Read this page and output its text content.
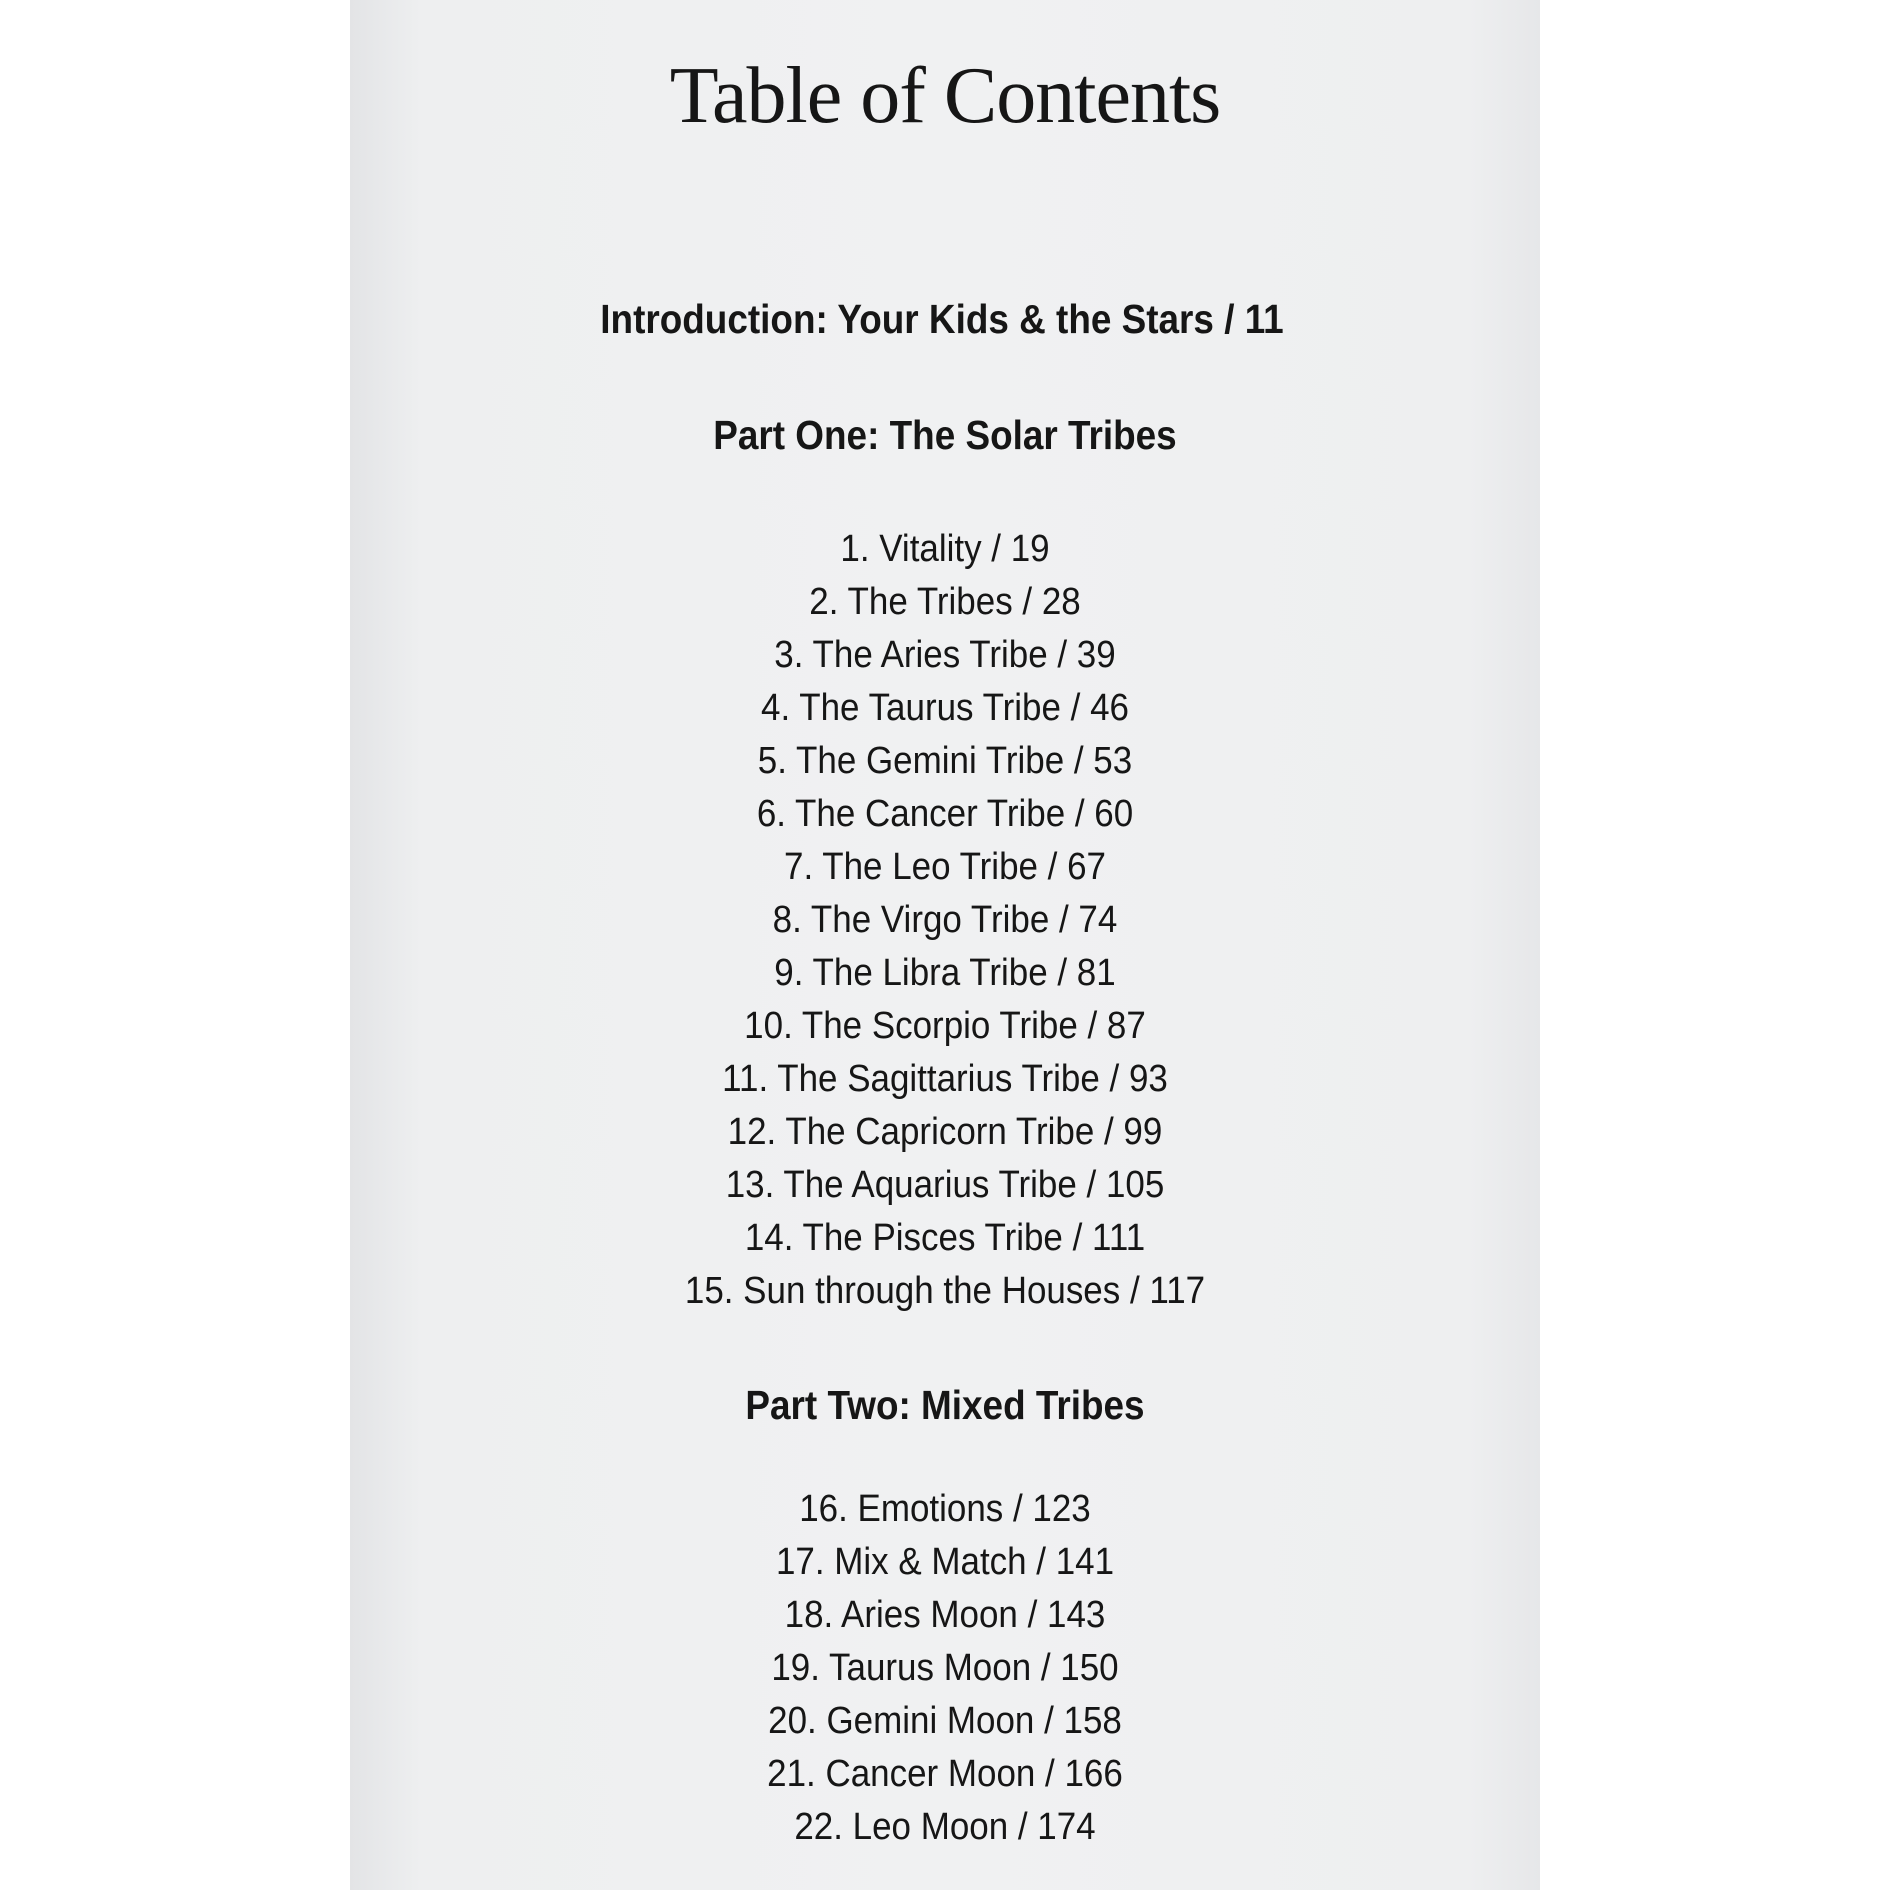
Table of Contents
Introduction: Your Kids & the Stars / 11
Part One: The Solar Tribes
1. Vitality / 19
2. The Tribes / 28
3. The Aries Tribe / 39
4. The Taurus Tribe / 46
5. The Gemini Tribe / 53
6. The Cancer Tribe / 60
7. The Leo Tribe / 67
8. The Virgo Tribe / 74
9. The Libra Tribe / 81
10. The Scorpio Tribe / 87
11. The Sagittarius Tribe / 93
12. The Capricorn Tribe / 99
13. The Aquarius Tribe / 105
14. The Pisces Tribe / 111
15. Sun through the Houses / 117
Part Two: Mixed Tribes
16. Emotions / 123
17. Mix & Match / 141
18. Aries Moon / 143
19. Taurus Moon / 150
20. Gemini Moon / 158
21. Cancer Moon / 166
22. Leo Moon / 174
